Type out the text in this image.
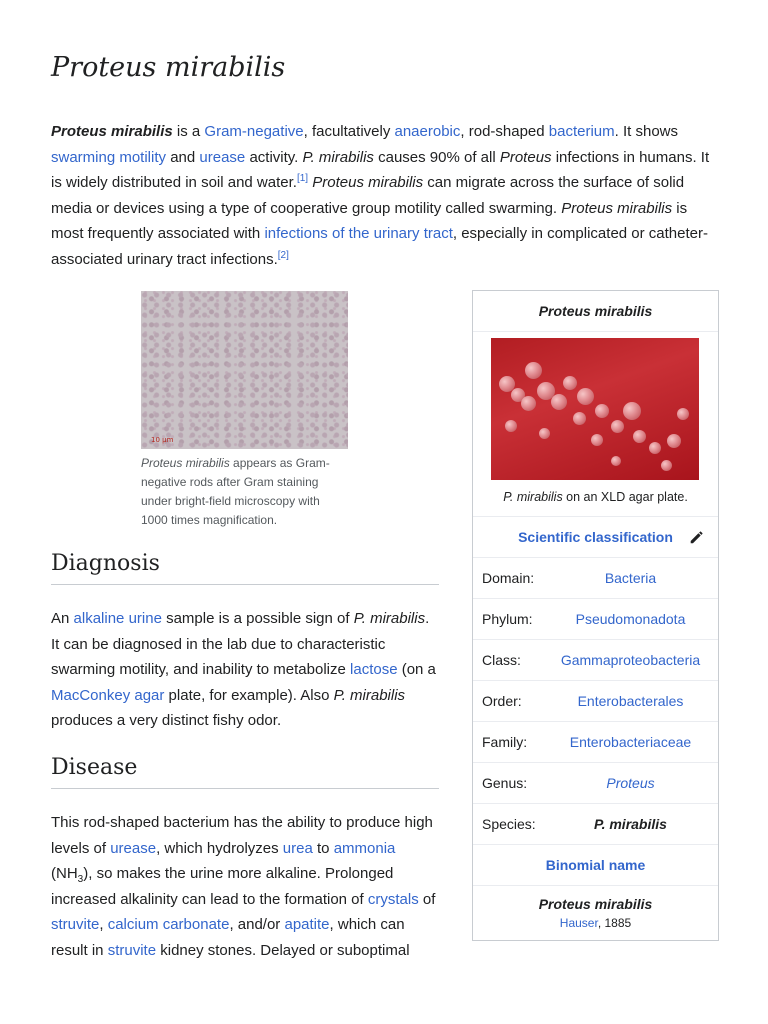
Proteus mirabilis

Proteus mirabilis is a Gram-negative, facultatively anaerobic, rod-shaped bacterium. It shows swarming motility and urease activity. P. mirabilis causes 90% of all Proteus infections in humans. It is widely distributed in soil and water.[1] Proteus mirabilis can migrate across the surface of solid media or devices using a type of cooperative group motility called swarming. Proteus mirabilis is most frequently associated with infections of the urinary tract, especially in complicated or catheter-associated urinary tract infections.[2]

10 µm
Proteus mirabilis appears as Gram-negative rods after Gram staining under bright-field microscopy with 1000 times magnification.
Diagnosis

An alkaline urine sample is a possible sign of P. mirabilis. It can be diagnosed in the lab due to characteristic swarming motility, and inability to metabolize lactose (on a MacConkey agar plate, for example). Also P. mirabilis produces a very distinct fishy odor.

Disease

This rod-shaped bacterium has the ability to produce high levels of urease, which hydrolyzes urea to ammonia $(NH_3)$, so makes the urine more alkaline. Prolonged increased alkalinity can lead to the formation of crystals of struvite, calcium carbonate, and/or apatite, which can result in struvite kidney stones. Delayed or suboptimal

Proteus mirabilis
P. mirabilis on an XLD agar plate.
Scientific classification
Domain:	Bacteria
Phylum:	Pseudomonadota
Class:	Gammaproteobacteria
Order:	Enterobacterales
Family:	Enterobacteriaceae
Genus:	Proteus
Species:	P. mirabilis
Binomial name
Proteus mirabilis
Hauser, 1885
